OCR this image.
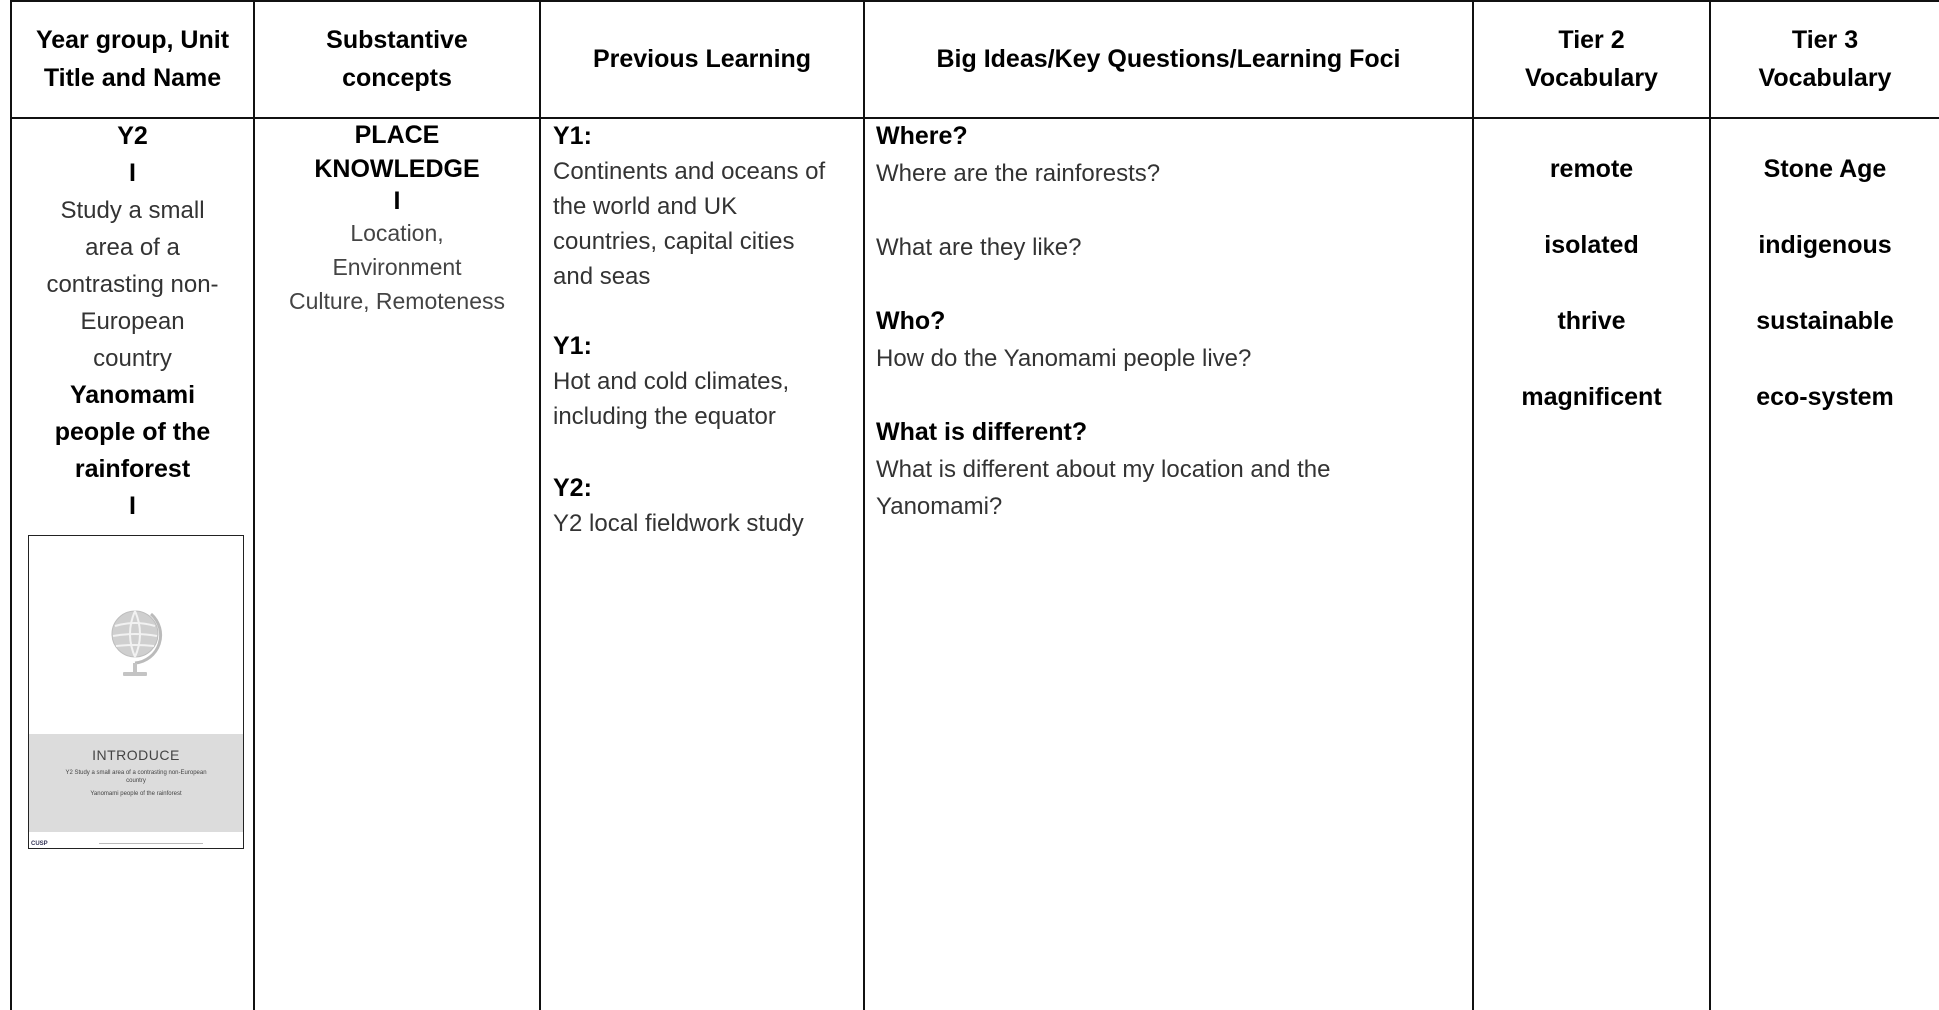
Year group, Unit
Title and Name
Substantive
concepts
Previous Learning	Big Ideas/Key Questions/Learning Foci
Tier 2
Vocabulary
Tier 3
Vocabulary
Y2
I
Study a small
area of a
contrasting non-
European
country
Yanomami
people of the
rainforest
I
INTRODUCE
Y2 Study a small area of a contrasting non-European country
Yanomami people of the rainforest
CUSP
PLACE
KNOWLEDGE
I
Location,
Environment
Culture, Remoteness
Y1:
Continents and oceans of
the world and UK
countries, capital cities
and seas
Y1:
Hot and cold climates,
including the equator
Y2:
Y2 local fieldwork study
Where?
Where are the rainforests?
What are they like?
Who?
How do the Yanomami people live?
What is different?
What is different about my location and the
Yanomami?
remote
isolated
thrive
magnificent
Stone Age
indigenous
sustainable
eco-system
